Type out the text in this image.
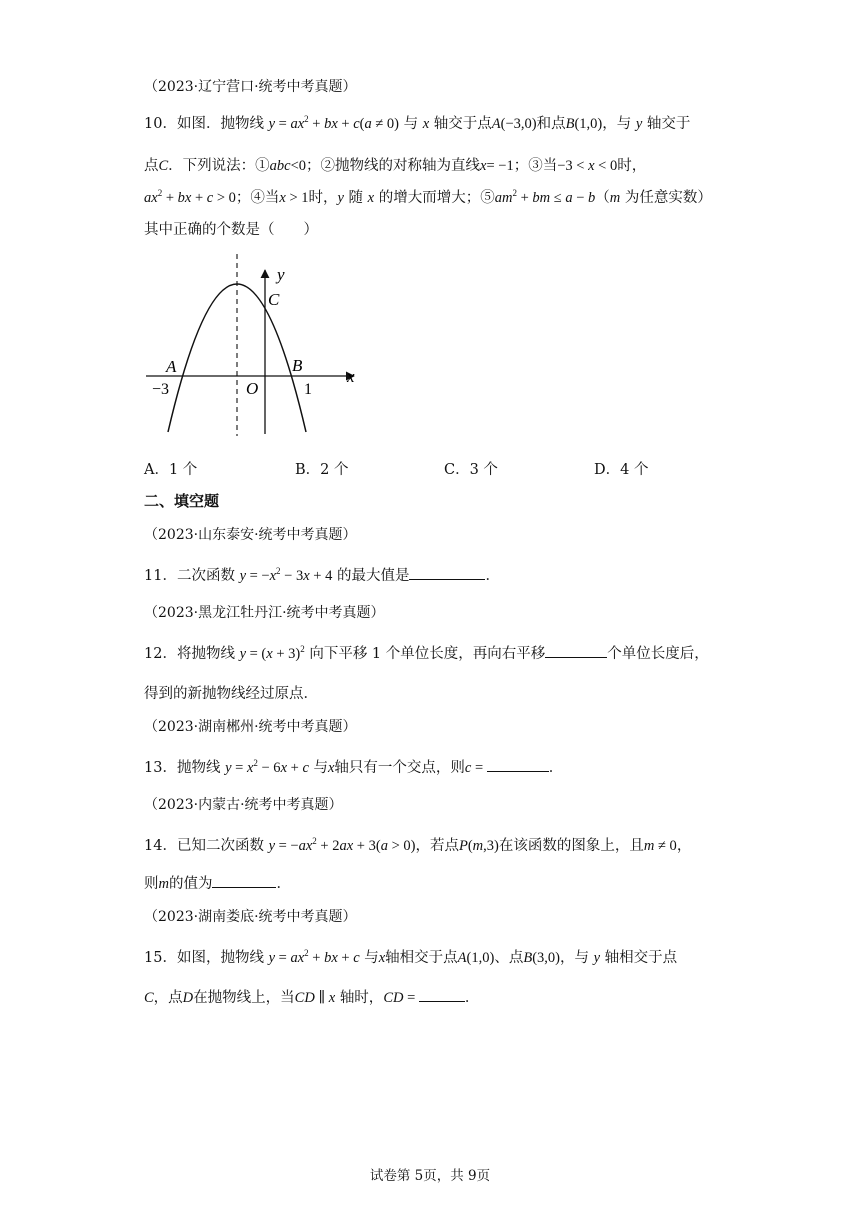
（2023·辽宁营口·统考中考真题）
10．如图．抛物线 $y = ax^2$ + bx + c(a ≠ 0) 与 x 轴交于点A(−3,0)和点B(1,0)，与 y 轴交于
点C．下列说法：①abc<0；②抛物线的对称轴为直线x= −1；③当−3 < x < 0时，
$ax^2$ + bx + c > 0；④当x > 1时，y 随 x 的增大而增大；$⑤am^2$ + bm ≤ a − b（m 为任意实数）
其中正确的个数是（　　）
y
x
C
A	B
O
−3	1
A．1 个	B．2 个	C．3 个	D．4 个
二、填空题
（2023·山东泰安·统考中考真题）
11．二次函数 $y = -x^2 - 3x + 4$ 的最大值是	．
（2023·黑龙江牡丹江·统考中考真题）
12．将抛物线 $y = (x + 3)^2$ 向下平移 1 个单位长度，再向右平移	个单位长度后，
得到的新抛物线经过原点．
（2023·湖南郴州·统考中考真题）
13．抛物线 $y = x^2 - 6x + c$ 与x轴只有一个交点，则c =	．
（2023·内蒙古·统考中考真题）
14．已知二次函数 $y = -ax^2 + 2ax + 3(a > 0)$，若点P(m,3)在该函数的图象上，且m ≠ 0，
则m的值为	．
（2023·湖南娄底·统考中考真题）
15．如图，抛物线 $y = ax^2$ + bx + c 与x轴相交于点A(1,0)、点B(3,0)，与 y 轴相交于点
C，点D在抛物线上，当CD ∥ x 轴时，CD =	．
试卷第 5页，共 9页
